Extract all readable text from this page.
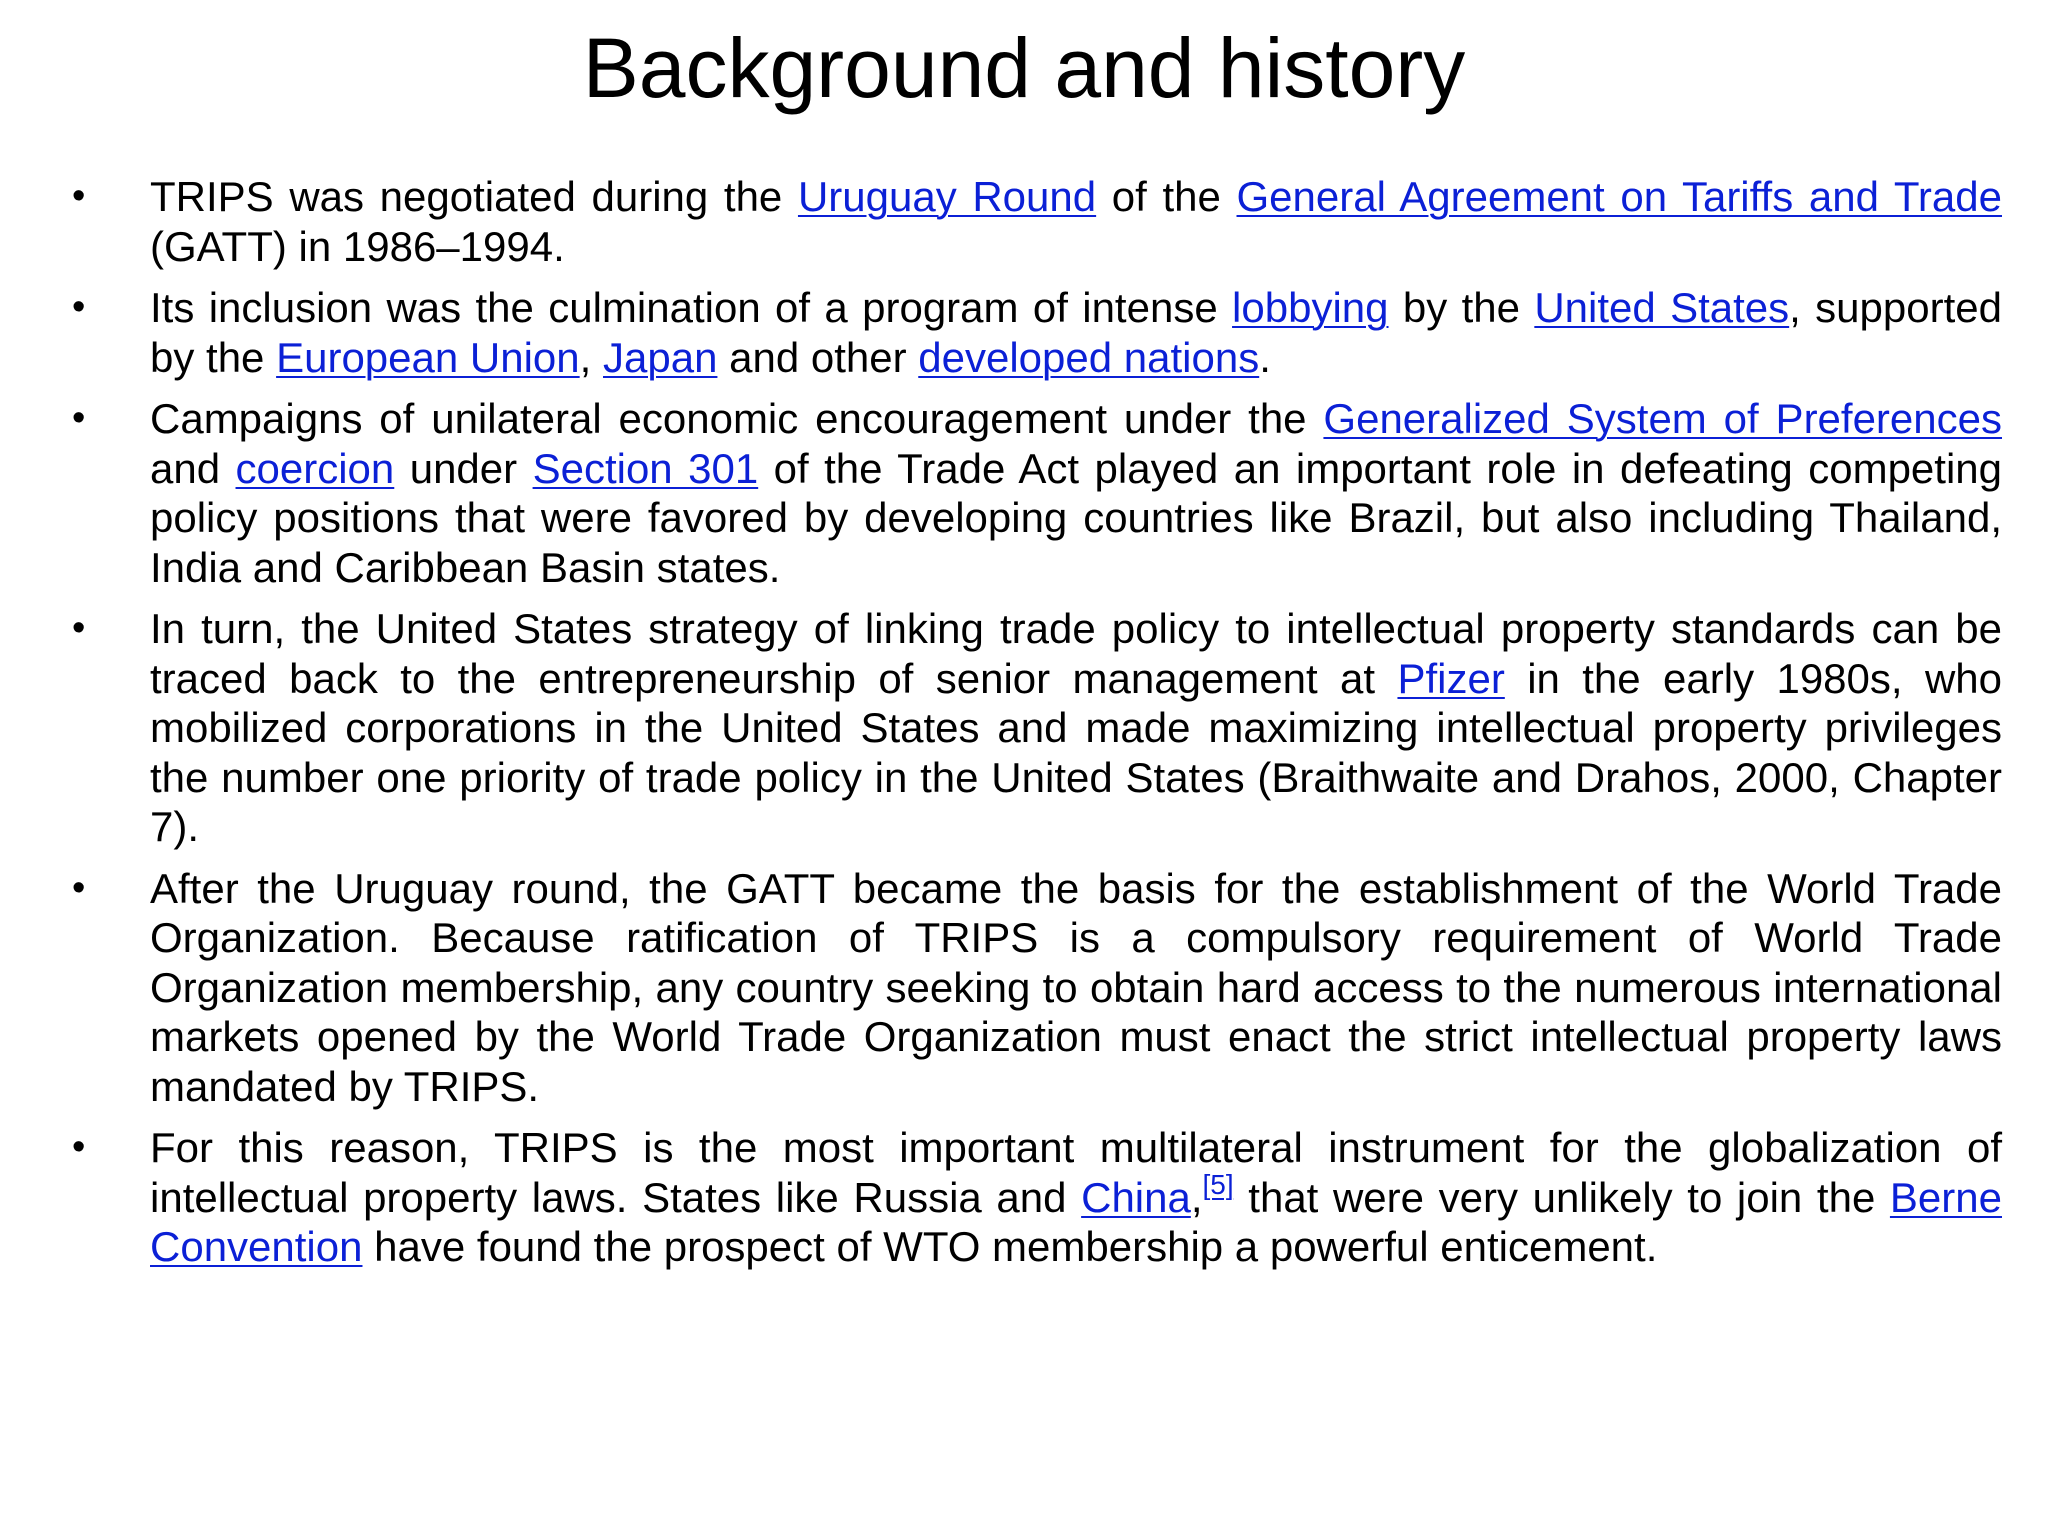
Background and history
•	TRIPS was negotiated during the Uruguay Round of the General Agreement on Tariffs and Trade (GATT) in 1986–1994.
•	Its inclusion was the culmination of a program of intense lobbying by the United States, supported by the European Union, Japan and other developed nations.
•	Campaigns of unilateral economic encouragement under the Generalized System of Preferences and coercion under Section 301 of the Trade Act played an important role in defeating competing policy positions that were favored by developing countries like Brazil, but also including Thailand, India and Caribbean Basin states.
•	In turn, the United States strategy of linking trade policy to intellectual property standards can be traced back to the entrepreneurship of senior management at Pfizer in the early 1980s, who mobilized corporations in the United States and made maximizing intellectual property privileges the number one priority of trade policy in the United States (Braithwaite and Drahos, 2000, Chapter 7).
•	After the Uruguay round, the GATT became the basis for the establishment of the World Trade Organization. Because ratification of TRIPS is a compulsory requirement of World Trade Organization membership, any country seeking to obtain hard access to the numerous international markets opened by the World Trade Organization must enact the strict intellectual property laws mandated by TRIPS.
•	For this reason, TRIPS is the most important multilateral instrument for the globalization of intellectual property laws. States like Russia and China,[5] that were very unlikely to join the Berne Convention have found the prospect of WTO membership a powerful enticement.
